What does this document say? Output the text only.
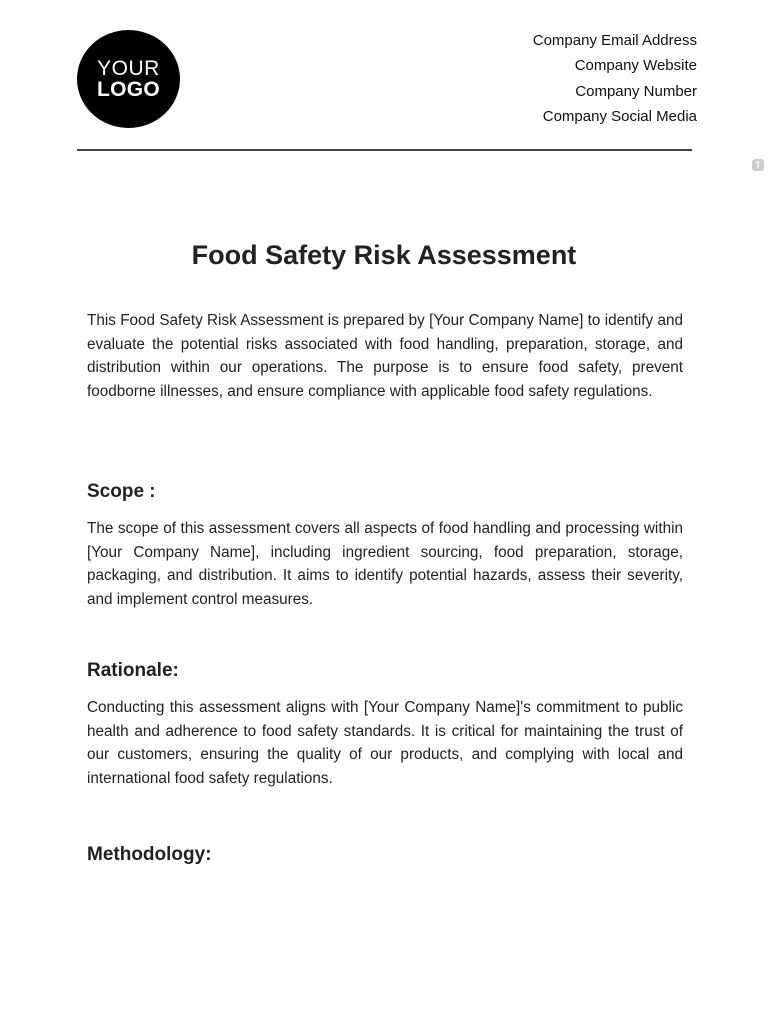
YOUR
LOGO
Company Email Address
Company Website
Company Number
Company Social Media
T
Food Safety Risk Assessment

This Food Safety Risk Assessment is prepared by [Your Company Name] to identify and evaluate the potential risks associated with food handling, preparation, storage, and distribution within our operations. The purpose is to ensure food safety, prevent foodborne illnesses, and ensure compliance with applicable food safety regulations.

Scope :

The scope of this assessment covers all aspects of food handling and processing within [Your Company Name], including ingredient sourcing, food preparation, storage, packaging, and distribution. It aims to identify potential hazards, assess their severity, and implement control measures.

Rationale:

Conducting this assessment aligns with [Your Company Name]'s commitment to public health and adherence to food safety standards. It is critical for maintaining the trust of our customers, ensuring the quality of our products, and complying with local and international food safety regulations.

Methodology:
